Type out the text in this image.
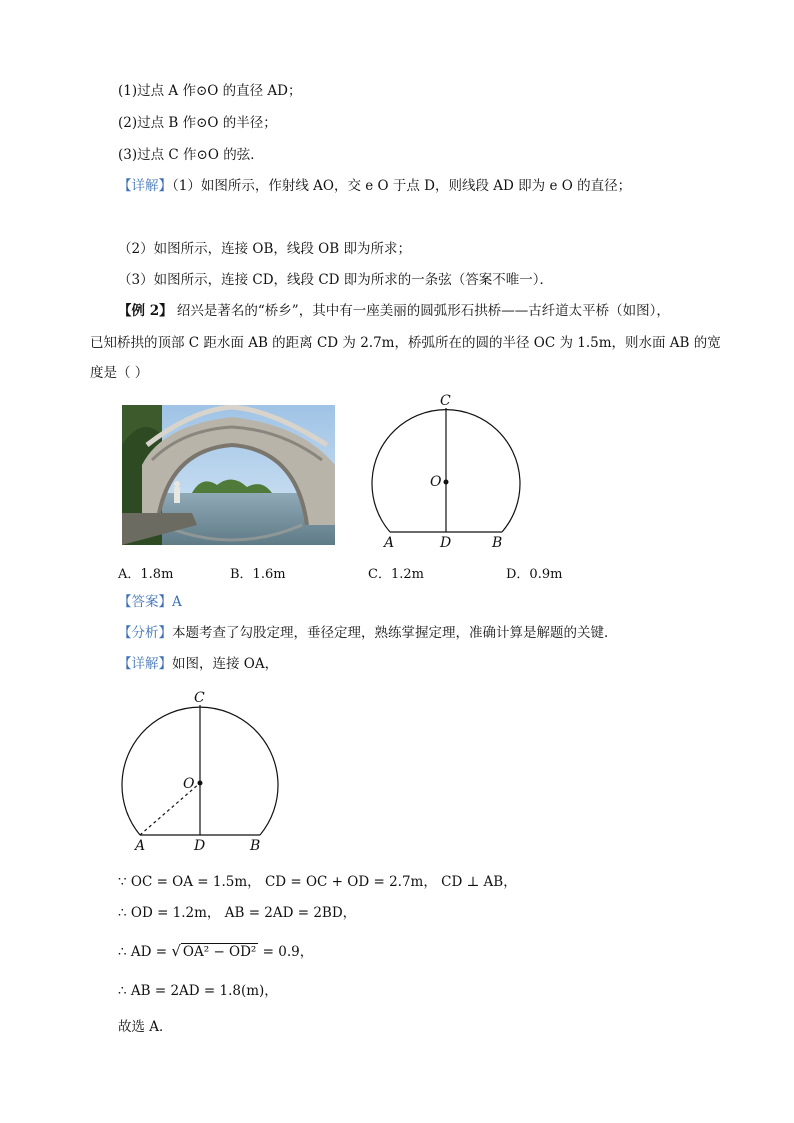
(1)过点 A 作⊙O 的直径 AD；
(2)过点 B 作⊙O 的半径；
(3)过点 C 作⊙O 的弦．
【详解】（1）如图所示，作射线 AO，交 e O 于点 D，则线段 AD 即为 e O 的直径；
（2）如图所示，连接 OB，线段 OB 即为所求；
（3）如图所示，连接 CD，线段 CD 即为所求的一条弦（答案不唯一）．
【例 2】 绍兴是著名的“桥乡”，其中有一座美丽的圆弧形石拱桥——古纤道太平桥（如图），
已知桥拱的顶部 C 距水面 AB 的距离 CD 为 2.7m，桥弧所在的圆的半径 OC 为 1.5m，则水面 AB 的宽
度是（ ）
C
O
A	D	B
A．1.8m	B．1.6m	C．1.2m	D．0.9m
【答案】A
【分析】本题考查了勾股定理，垂径定理，熟练掌握定理，准确计算是解题的关键．
【详解】如图，连接 OA，
C
O
A	D	B
∵ OC = OA = 1.5m， CD = OC + OD = 2.7m， CD ⊥ AB，
∴ OD = 1.2m， AB = 2AD = 2BD，
∴ AD = √ OA² − OD² = 0.9，
∴ AB = 2AD = 1.8(m)，
故选 A．
